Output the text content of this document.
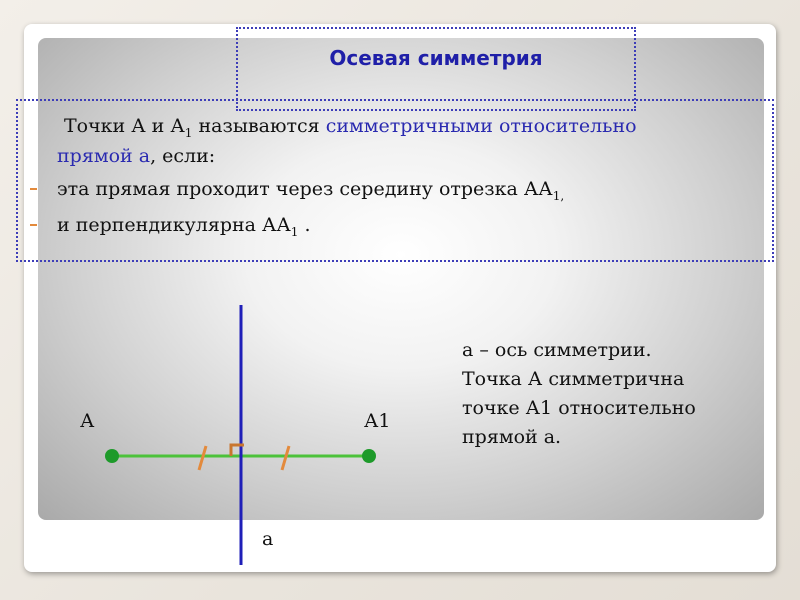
Осевая симметрия
Точки А и $А_1$ называются симметричными относительно
прямой а, если:
эта прямая проходит через середину отрезка $АА_{1,}$
и перпендикулярна $АА_1$ .
А	А1
а
а – ось симметрии.
Точка А симметрична
точке А1 относительно
прямой а.
